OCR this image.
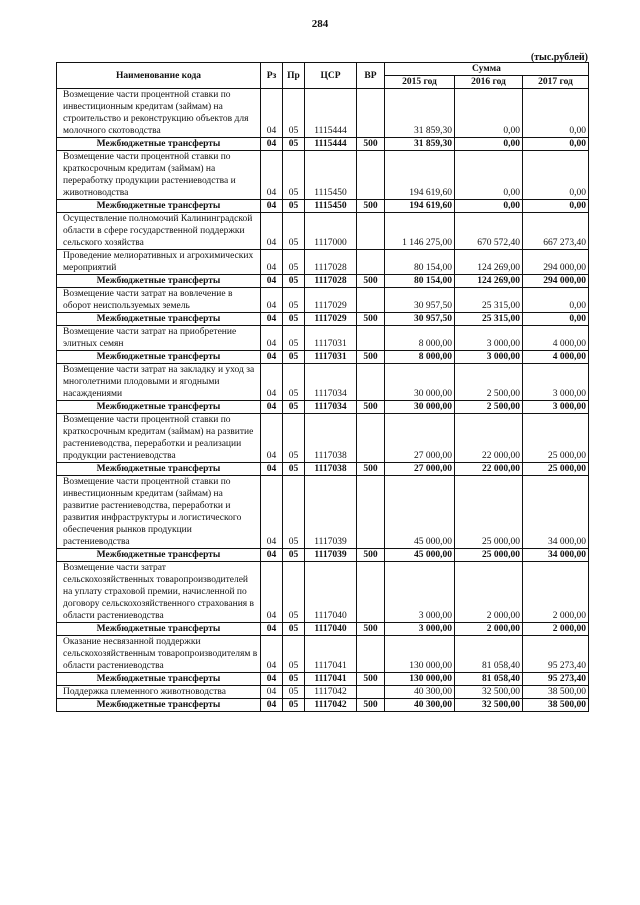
284
(тыс.рублей)
Наименование кода	Рз	Пр	ЦСР	ВР	Сумма		
					2015 год	2016 год	2017 год
Возмещение части процентной ставки по инвестиционным кредитам (займам) на строительство и реконструкцию объектов для молочного скотоводства	04	05	1115444		31 859,30	0,00	0,00
Межбюджетные трансферты	04	05	1115444	500	31 859,30	0,00	0,00
Возмещение части процентной ставки по краткосрочным кредитам (займам) на переработку продукции растениеводства и животноводства	04	05	1115450		194 619,60	0,00	0,00
Межбюджетные трансферты	04	05	1115450	500	194 619,60	0,00	0,00
Осуществление полномочий Калининградской области в сфере государственной поддержки сельского хозяйства	04	05	1117000		1 146 275,00	670 572,40	667 273,40
Проведение мелиоративных и агрохимических мероприятий	04	05	1117028		80 154,00	124 269,00	294 000,00
Межбюджетные трансферты	04	05	1117028	500	80 154,00	124 269,00	294 000,00
Возмещение части затрат на вовлечение в оборот неиспользуемых земель	04	05	1117029		30 957,50	25 315,00	0,00
Межбюджетные трансферты	04	05	1117029	500	30 957,50	25 315,00	0,00
Возмещение части затрат на приобретение элитных семян	04	05	1117031		8 000,00	3 000,00	4 000,00
Межбюджетные трансферты	04	05	1117031	500	8 000,00	3 000,00	4 000,00
Возмещение части затрат на закладку и уход за многолетними плодовыми и ягодными насаждениями	04	05	1117034		30 000,00	2 500,00	3 000,00
Межбюджетные трансферты	04	05	1117034	500	30 000,00	2 500,00	3 000,00
Возмещение части процентной ставки по краткосрочным кредитам (займам) на развитие растениеводства, переработки и реализации продукции растениеводства	04	05	1117038		27 000,00	22 000,00	25 000,00
Межбюджетные трансферты	04	05	1117038	500	27 000,00	22 000,00	25 000,00
Возмещение части процентной ставки по инвестиционным кредитам (займам) на развитие растениеводства, переработки и развития инфраструктуры и логистического обеспечения рынков продукции растениеводства	04	05	1117039		45 000,00	25 000,00	34 000,00
Межбюджетные трансферты	04	05	1117039	500	45 000,00	25 000,00	34 000,00
Возмещение части затрат сельскохозяйственных товаропроизводителей на уплату страховой премии, начисленной по договору сельскохозяйственного страхования в области растениеводства	04	05	1117040		3 000,00	2 000,00	2 000,00
Межбюджетные трансферты	04	05	1117040	500	3 000,00	2 000,00	2 000,00
Оказание несвязанной поддержки сельскохозяйственным товаропроизводителям в области растениеводства	04	05	1117041		130 000,00	81 058,40	95 273,40
Межбюджетные трансферты	04	05	1117041	500	130 000,00	81 058,40	95 273,40
Поддержка племенного животноводства	04	05	1117042		40 300,00	32 500,00	38 500,00
Межбюджетные трансферты	04	05	1117042	500	40 300,00	32 500,00	38 500,00
